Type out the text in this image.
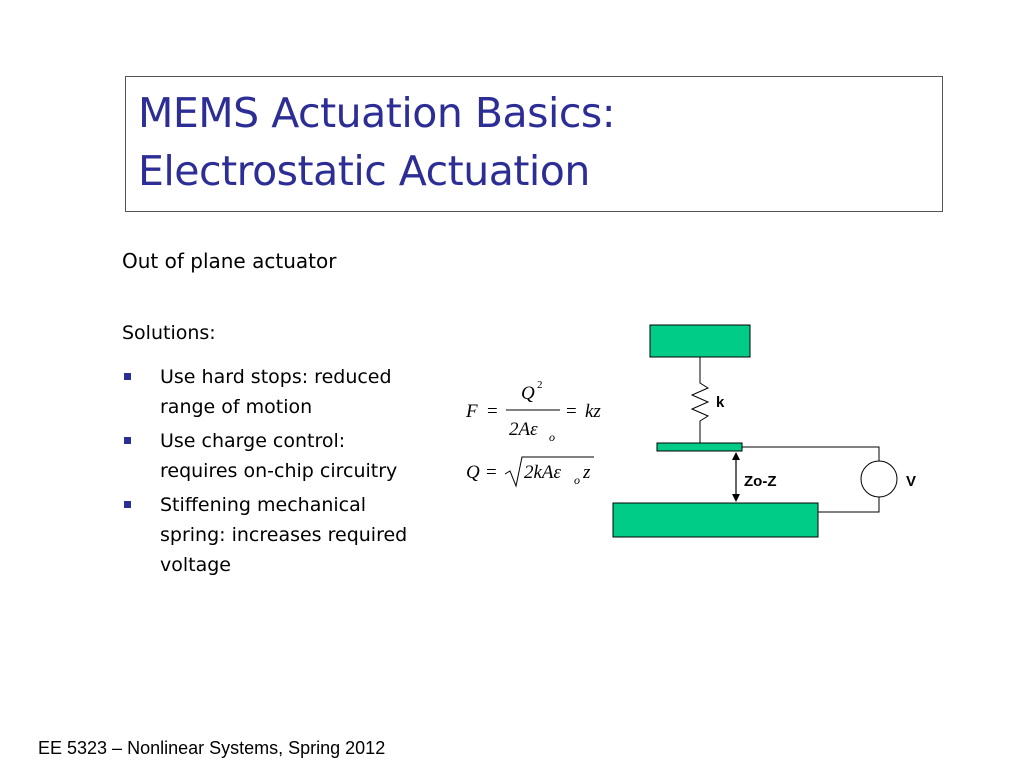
MEMS Actuation Basics:
Electrostatic Actuation
Out of plane actuator
Solutions:
Use hard stops: reduced
range of motion
Use charge control:
requires on-chip circuitry
Stiffening mechanical
spring: increases required
voltage
F =
Q 2
2Aε o
= kz
Q = 2kAε o z
k
Zo-Z	V
EE 5323 – Nonlinear Systems, Spring 2012
